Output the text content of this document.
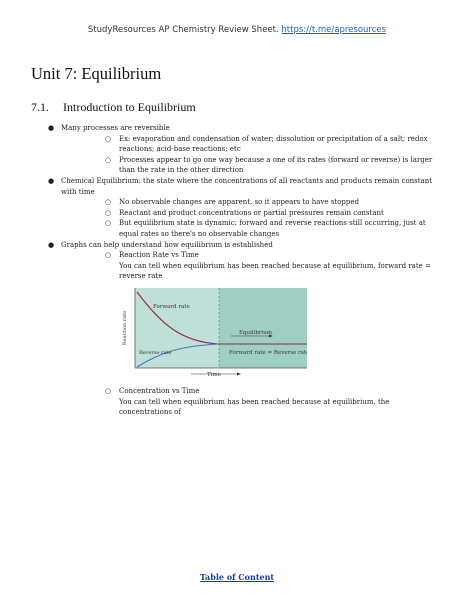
StudyResources AP Chemistry Review Sheet. https://t.me/apresources
Unit 7: Equilibrium
7.1. Introduction to Equilibrium
● Many processes are reversible
○ Ex: evaporation and condensation of water; dissolution or precipitation of a salt; redox reactions; acid-base reactions; etc
○ Processes appear to go one way because a one of its rates (forward or reverse) is larger than the rate in the other direction
● Chemical Equilibrium: the state where the concentrations of all reactants and products remain constant with time
○ No observable changes are apparent, so it appears to have stopped
○ Reactant and product concentrations or partial pressures remain constant
○ But equilibrium state is dynamic: forward and reverse reactions still occurring, just at equal rates so there's no observable changes
● Graphs can help understand how equilibrium is established
○ Reaction Rate vs Time
You can tell when equilibrium has been reached because at equilibrium, forward rate = reverse rate
Reaction rate
Forward rate
Reverse rate
Equilibrium
Forward rate = Reverse rate
Time
○ Concentration vs Time
You can tell when equilibrium has been reached because at equilibrium, the concentrations of
Table of Content
